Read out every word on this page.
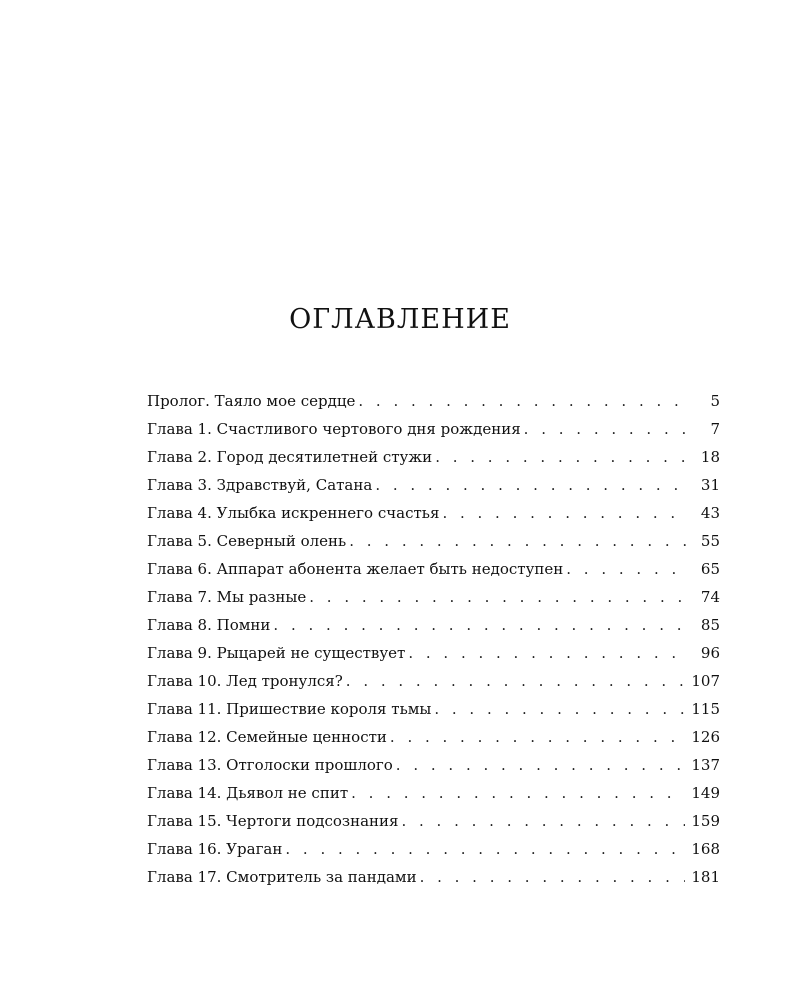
ОГЛАВЛЕНИЕ
Пролог. Таяло мое сердце . . .	5
Глава 1. Счастливого чертового дня рождения . . .	7
Глава 2. Город десятилетней стужи . . .	18
Глава 3. Здравствуй, Сатана . . .	31
Глава 4. Улыбка искреннего счастья . . .	43
Глава 5. Северный олень . . .	55
Глава 6. Аппарат абонента желает быть недоступен . . .	65
Глава 7. Мы разные . . .	74
Глава 8. Помни . . .	85
Глава 9. Рыцарей не существует . . .	96
Глава 10. Лед тронулся? . . .	107
Глава 11. Пришествие короля тьмы . . .	115
Глава 12. Семейные ценности . . .	126
Глава 13. Отголоски прошлого . . .	137
Глава 14. Дьявол не спит . . .	149
Глава 15. Чертоги подсознания . . .	159
Глава 16. Ураган . . .	168
Глава 17. Смотритель за пандами . . .	181
